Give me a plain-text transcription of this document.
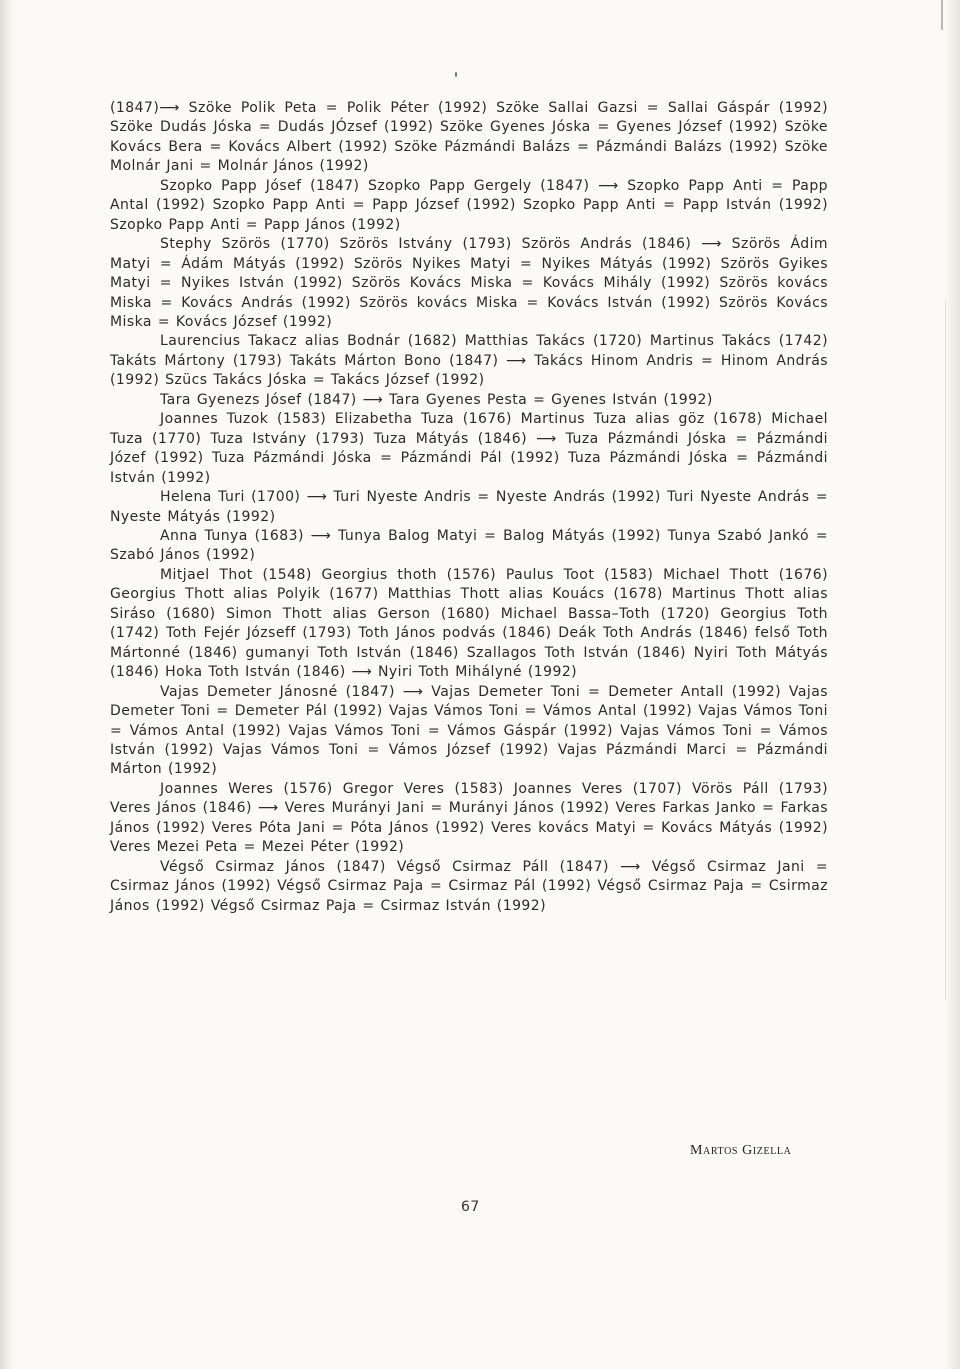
(1847)⟶ Szöke Polik Peta = Polik Péter (1992) Szöke Sallai Gazsi = Sallai Gáspár (1992) Szöke Dudás Jóska = Dudás JÓzsef (1992) Szöke Gyenes Jóska = Gyenes József (1992) Szöke Kovács Bera = Kovács Albert (1992) Szöke Pázmándi Balázs = Pázmándi Balázs (1992) Szöke Molnár Jani = Molnár János (1992)

Szopko Papp Jósef (1847) Szopko Papp Gergely (1847) ⟶ Szopko Papp Anti = Papp Antal (1992) Szopko Papp Anti = Papp József (1992) Szopko Papp Anti = Papp István (1992) Szopko Papp Anti = Papp János (1992)

Stephy Szörös (1770) Szörös Istvány (1793) Szörös András (1846) ⟶ Szörös Ádim Matyi = Ádám Mátyás (1992) Szörös Nyikes Matyi = Nyikes Mátyás (1992) Szörös Gyikes Matyi = Nyikes István (1992) Szörös Kovács Miska = Kovács Mihály (1992) Szörös kovács Miska = Kovács András (1992) Szörös kovács Miska = Kovács István (1992) Szörös Kovács Miska = Kovács József (1992)

Laurencius Takacz alias Bodnár (1682) Matthias Takács (1720) Martinus Takács (1742) Takáts Mártony (1793) Takáts Márton Bono (1847) ⟶ Takács Hinom Andris = Hinom András (1992) Szücs Takács Jóska = Takács József (1992)

Tara Gyenezs Jósef (1847) ⟶ Tara Gyenes Pesta = Gyenes István (1992)

Joannes Tuzok (1583) Elizabetha Tuza (1676) Martinus Tuza alias göz (1678) Michael Tuza (1770) Tuza Istvány (1793) Tuza Mátyás (1846) ⟶ Tuza Pázmándi Jóska = Pázmándi Józef (1992) Tuza Pázmándi Jóska = Pázmándi Pál (1992) Tuza Pázmándi Jóska = Pázmándi István (1992)

Helena Turi (1700) ⟶ Turi Nyeste Andris = Nyeste András (1992) Turi Nyeste András = Nyeste Mátyás (1992)

Anna Tunya (1683) ⟶ Tunya Balog Matyi = Balog Mátyás (1992) Tunya Szabó Jankó = Szabó János (1992)

Mitjael Thot (1548) Georgius thoth (1576) Paulus Toot (1583) Michael Thott (1676) Georgius Thott alias Polyik (1677) Matthias Thott alias Kouács (1678) Martinus Thott alias Siráso (1680) Simon Thott alias Gerson (1680) Michael Bassa–Toth (1720) Georgius Toth (1742) Toth Fejér Józseff (1793) Toth János podvás (1846) Deák Toth András (1846) felső Toth Mártonné (1846) gumanyi Toth István (1846) Szallagos Toth István (1846) Nyiri Toth Mátyás (1846) Hoka Toth István (1846) ⟶ Nyiri Toth Mihályné (1992)

Vajas Demeter Jánosné (1847) ⟶ Vajas Demeter Toni = Demeter Antall (1992) Vajas Demeter Toni = Demeter Pál (1992) Vajas Vámos Toni = Vámos Antal (1992) Vajas Vámos Toni = Vámos Antal (1992) Vajas Vámos Toni = Vámos Gáspár (1992) Vajas Vámos Toni = Vámos István (1992) Vajas Vámos Toni = Vámos József (1992) Vajas Pázmándi Marci = Pázmándi Márton (1992)

Joannes Weres (1576) Gregor Veres (1583) Joannes Veres (1707) Vörös Páll (1793) Veres János (1846) ⟶ Veres Murányi Jani = Murányi János (1992) Veres Farkas Janko = Farkas János (1992) Veres Póta Jani = Póta János (1992) Veres kovács Matyi = Kovács Mátyás (1992) Veres Mezei Peta = Mezei Péter (1992)

Végső Csirmaz János (1847) Végső Csirmaz Páll (1847) ⟶ Végső Csirmaz Jani = Csirmaz János (1992) Végső Csirmaz Paja = Csirmaz Pál (1992) Végső Csirmaz Paja = Csirmaz János (1992) Végső Csirmaz Paja = Csirmaz István (1992)

Martos Gizella
67
